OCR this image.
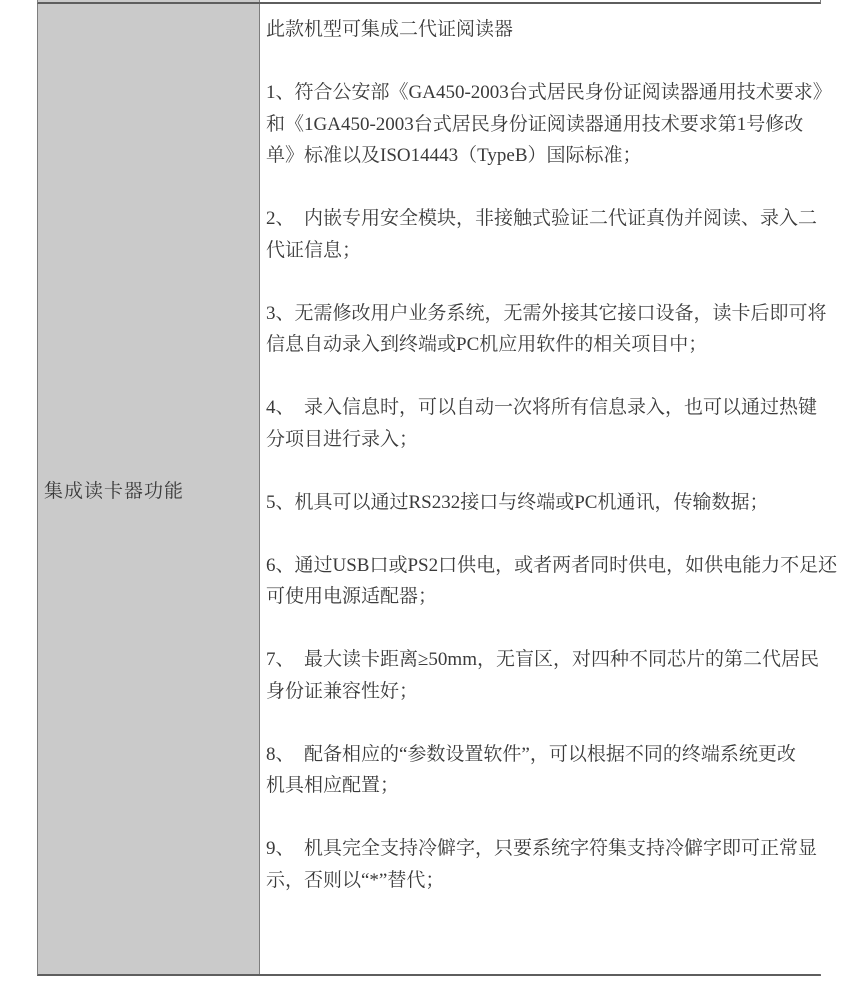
集成读卡器功能
此款机型可集成二代证阅读器
1、符合公安部《GA450-2003台式居民身份证阅读器通用技术要求》
和《1GA450-2003台式居民身份证阅读器通用技术要求第1号修改
单》标准以及ISO14443（TypeB）国际标准；
2、　内嵌专用安全模块，非接触式验证二代证真伪并阅读、录入二
代证信息；
3、无需修改用户业务系统，无需外接其它接口设备，读卡后即可将
信息自动录入到终端或PC机应用软件的相关项目中；
4、　录入信息时，可以自动一次将所有信息录入，也可以通过热键
分项目进行录入；
5、机具可以通过RS232接口与终端或PC机通讯，传输数据；
6、通过USB口或PS2口供电，或者两者同时供电，如供电能力不足还
可使用电源适配器；
7、　最大读卡距离≥50mm，无盲区，对四种不同芯片的第二代居民
身份证兼容性好；
8、　配备相应的“参数设置软件”，可以根据不同的终端系统更改
机具相应配置；
9、　机具完全支持冷僻字，只要系统字符集支持冷僻字即可正常显
示，否则以“*”替代；
